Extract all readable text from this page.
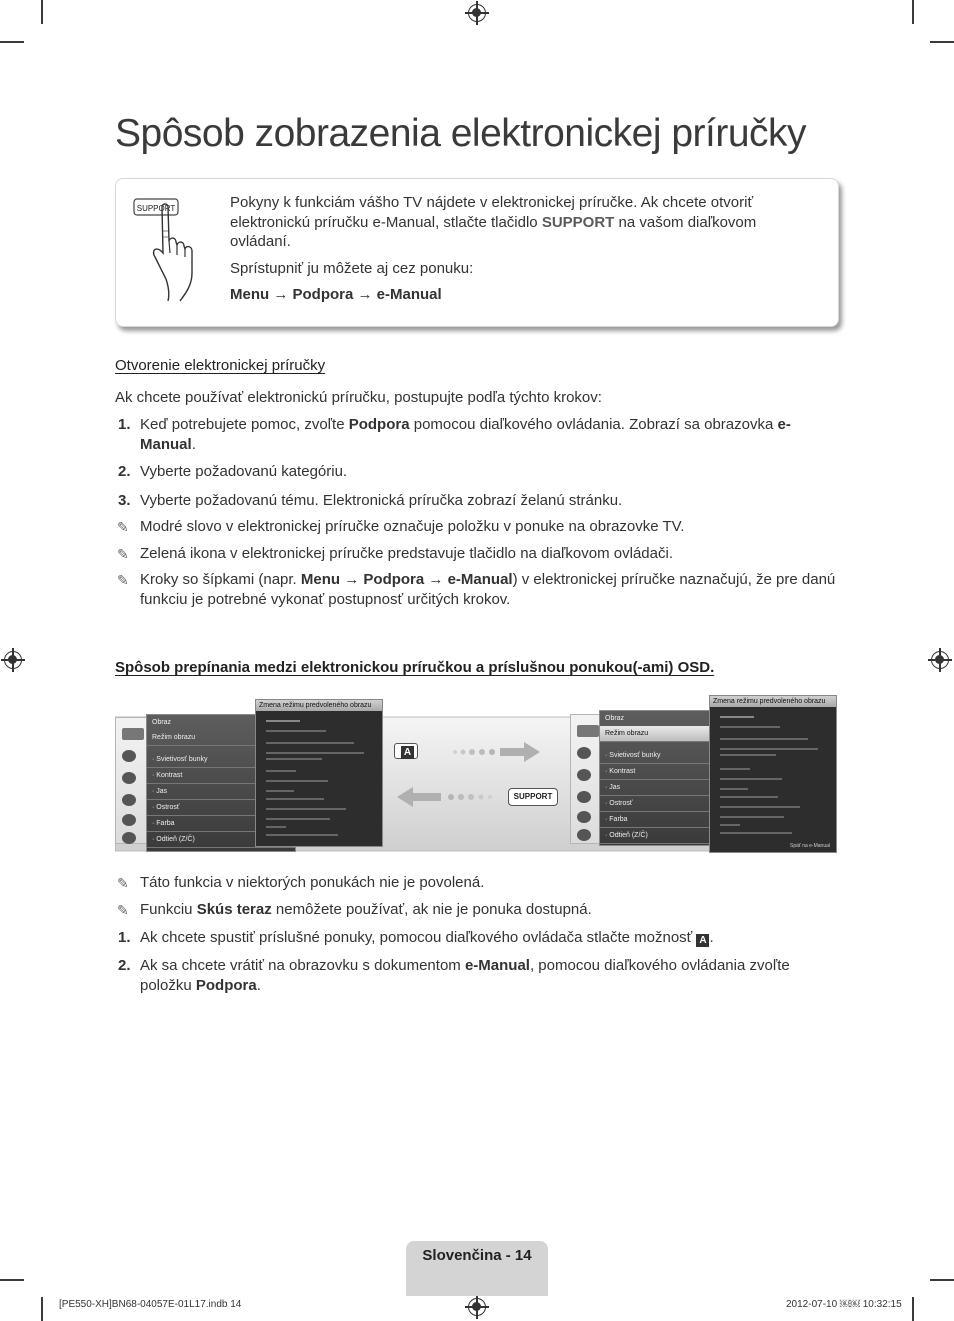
Spôsob zobrazenia elektronickej príručky
SUPPORT	Pokyny k funkciám vášho TV nájdete v elektronickej príručke. Ak chcete otvoriť elektronickú príručku e-Manual, stlačte tlačidlo SUPPORT na vašom diaľkovom ovládaní.

Sprístupniť ju môžete aj cez ponuku:

Menu → Podpora → e-Manual

Otvorenie elektronickej príručky
Ak chcete používať elektronickú príručku, postupujte podľa týchto krokov:
1. Keď potrebujete pomoc, zvoľte Podpora pomocou diaľkového ovládania. Zobrazí sa obrazovka e-Manual.
2. Vyberte požadovanú kategóriu.
3. Vyberte požadovanú tému. Elektronická príručka zobrazí želanú stránku.
✎ Modré slovo v elektronickej príručke označuje položku v ponuke na obrazovke TV.
✎ Zelená ikona v elektronickej príručke predstavuje tlačidlo na diaľkovom ovládači.
✎ Kroky so šípkami (napr. Menu → Podpora → e-Manual) v elektronickej príručke naznačujú, že pre danú funkciu je potrebné vykonať postupnosť určitých krokov.
Spôsob prepínania medzi elektronickou príručkou a príslušnou ponukou(-ami) OSD.
Obraz
Režim obrazu
· Svietivosť bunky
· Kontrast
· Jas
· Ostrosť
· Farba
· Odtieň (Z/Č)
Zmena režimu predvoleného obrazu
A
SUPPORT
Obraz
Režim obrazu
· Svietivosť bunky
· Kontrast
· Jas
· Ostrosť
· Farba
· Odtieň (Z/Č)
Zmena režimu predvoleného obrazu
Späť na e-Manual
✎ Táto funkcia v niektorých ponukách nie je povolená.
✎ Funkciu Skús teraz nemôžete používať, ak nie je ponuka dostupná.
1. Ak chcete spustiť príslušné ponuky, pomocou diaľkového ovládača stlačte možnosť A .
2. Ak sa chcete vrátiť na obrazovku s dokumentom e-Manual, pomocou diaľkového ovládania zvoľte položku Podpora.
Slovenčina - 14
[PE550-XH]BN68-04057E-01L17.indb 14	2012-07-10 ￼￼ 10:32:15
